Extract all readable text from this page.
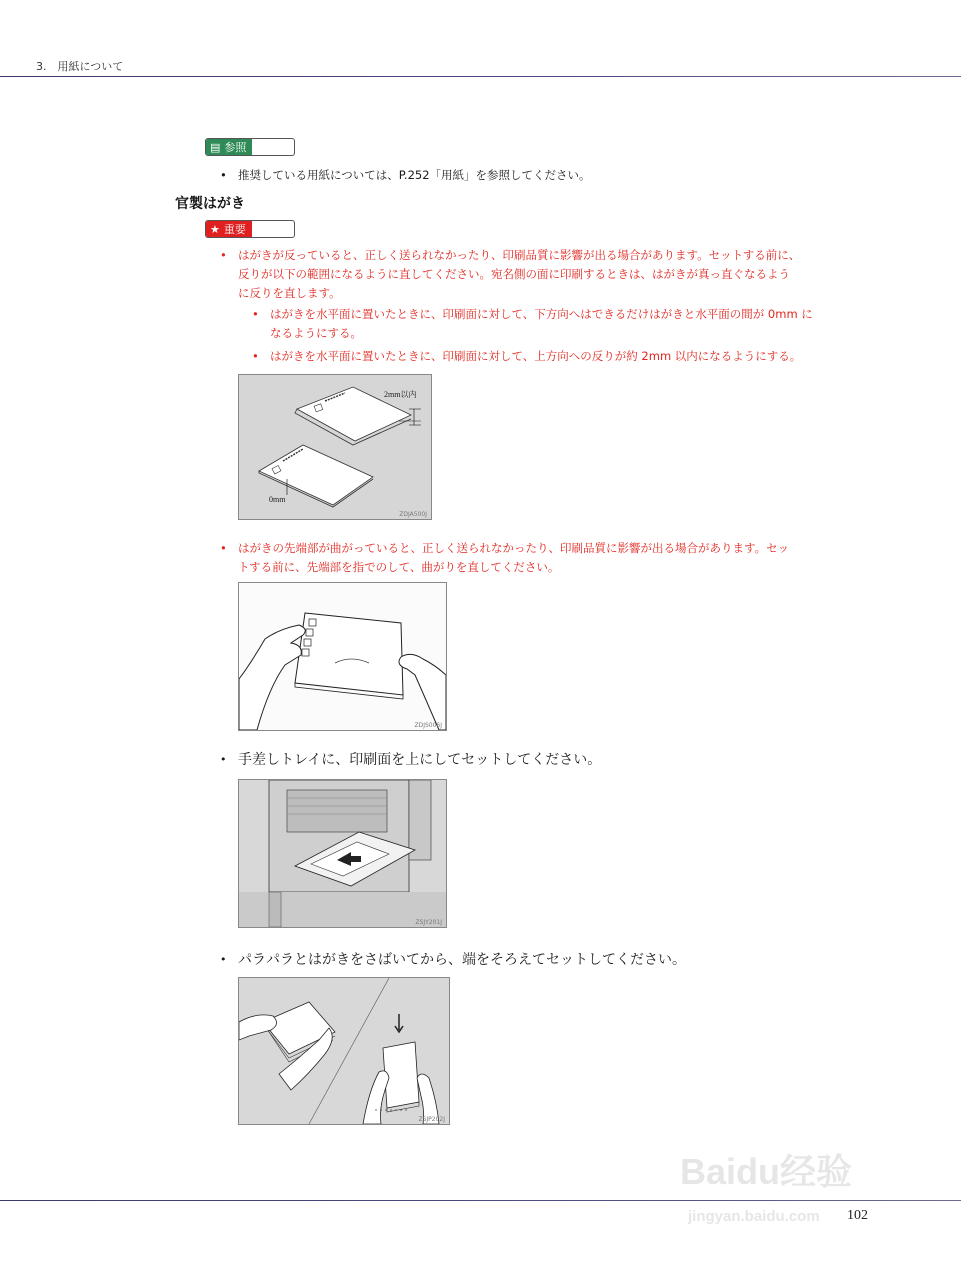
3.　用紙について
▤ 参照
• 推奨している用紙については、P.252「用紙」を参照してください。
官製はがき
★ 重要
• はがきが反っていると、正しく送られなかったり、印刷品質に影響が出る場合があります。セットする前に、
反りが以下の範囲になるように直してください。宛名側の面に印刷するときは、はがきが真っ直ぐなるよう
に反りを直します。
• はがきを水平面に置いたときに、印刷面に対して、下方向へはできるだけはがきと水平面の間が 0mm に
なるようにする。
• はがきを水平面に置いたときに、印刷面に対して、上方向への反りが約 2mm 以内になるようにする。
2mm以内
0mm
ZDJA500J
• はがきの先端部が曲がっていると、正しく送られなかったり、印刷品質に影響が出る場合があります。セッ
トする前に、先端部を指でのして、曲がりを直してください。
ZDJS006J
• 手差しトレイに、印刷面を上にしてセットしてください。
ZSJY201J
• パラパラとはがきをさばいてから、端をそろえてセットしてください。
ZSJP202J
102
Baidu经验
jingyan.baidu.com
